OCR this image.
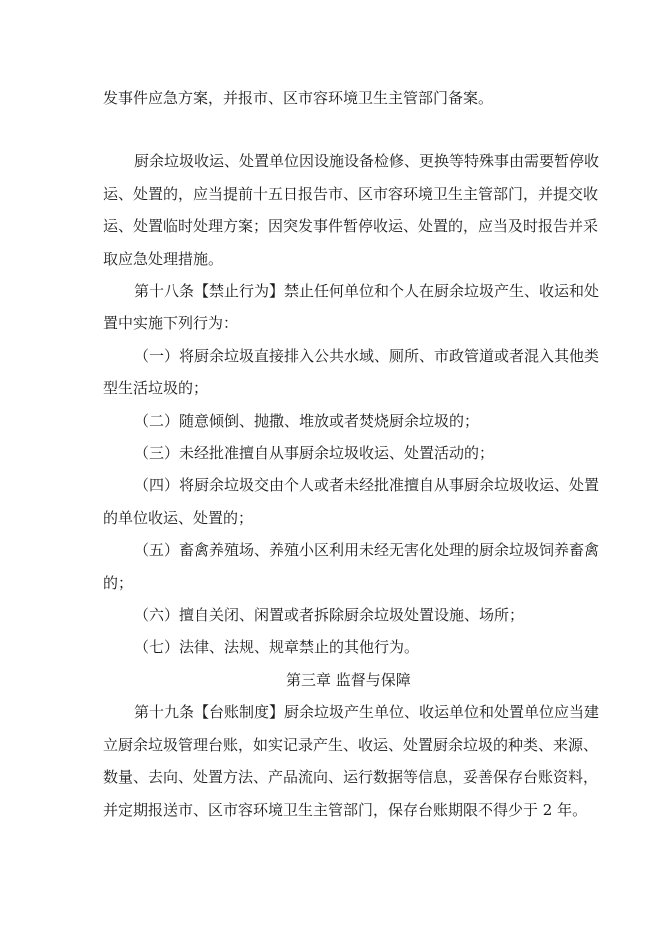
发事件应急方案，并报市、区市容环境卫生主管部门备案。

厨余垃圾收运、处置单位因设施设备检修、更换等特殊事由需要暂停收

运、处置的，应当提前十五日报告市、区市容环境卫生主管部门，并提交收

运、处置临时处理方案；因突发事件暂停收运、处置的，应当及时报告并采

取应急处理措施。

第十八条【禁止行为】禁止任何单位和个人在厨余垃圾产生、收运和处

置中实施下列行为：

（一）将厨余垃圾直接排入公共水域、厕所、市政管道或者混入其他类

型生活垃圾的；

（二）随意倾倒、抛撒、堆放或者焚烧厨余垃圾的；

（三）未经批准擅自从事厨余垃圾收运、处置活动的；

（四）将厨余垃圾交由个人或者未经批准擅自从事厨余垃圾收运、处置

的单位收运、处置的；

（五）畜禽养殖场、养殖小区利用未经无害化处理的厨余垃圾饲养畜禽

的；

（六）擅自关闭、闲置或者拆除厨余垃圾处置设施、场所；

（七）法律、法规、规章禁止的其他行为。

第三章 监督与保障

第十九条【台账制度】厨余垃圾产生单位、收运单位和处置单位应当建

立厨余垃圾管理台账，如实记录产生、收运、处置厨余垃圾的种类、来源、

数量、去向、处置方法、产品流向、运行数据等信息，妥善保存台账资料，

并定期报送市、区市容环境卫生主管部门，保存台账期限不得少于 2 年。
